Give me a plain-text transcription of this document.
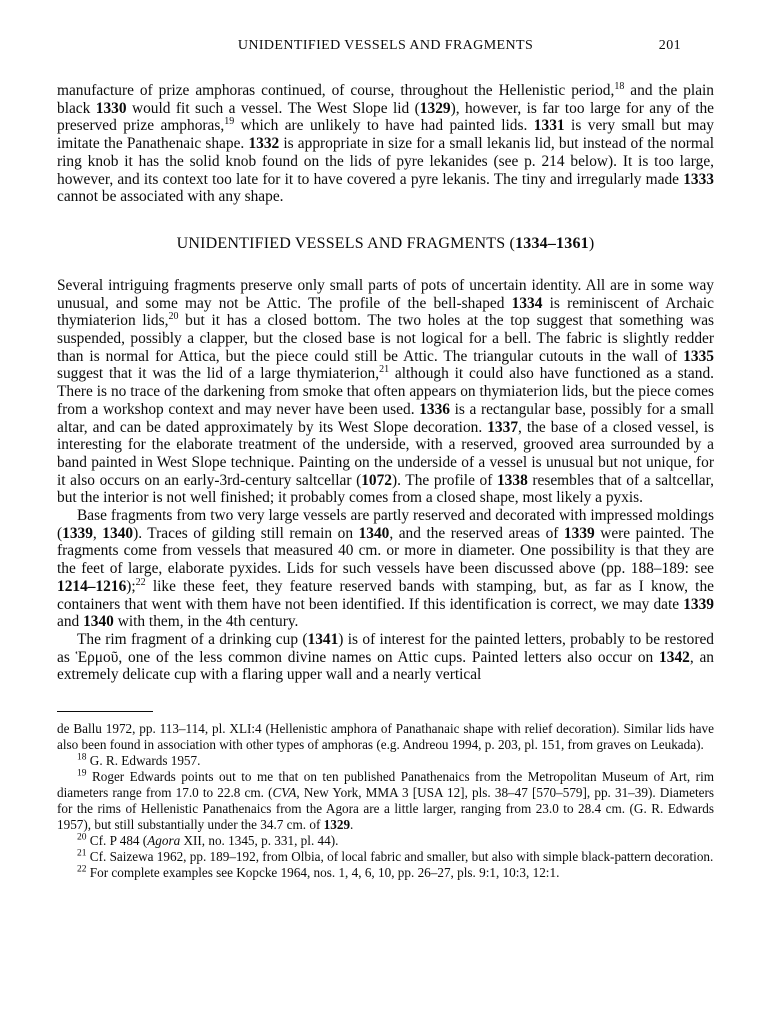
UNIDENTIFIED VESSELS AND FRAGMENTS	201

manufacture of prize amphoras continued, of course, throughout the Hellenistic period,$^{18}$ and the plain black 1330 would fit such a vessel. The West Slope lid (1329), however, is far too large for any of the preserved prize amphoras,$^{19}$ which are unlikely to have had painted lids. 1331 is very small but may imitate the Panathenaic shape. 1332 is appropriate in size for a small lekanis lid, but instead of the normal ring knob it has the solid knob found on the lids of pyre lekanides (see p. 214 below). It is too large, however, and its context too late for it to have covered a pyre lekanis. The tiny and irregularly made 1333 cannot be associated with any shape.

UNIDENTIFIED VESSELS AND FRAGMENTS (1334–1361)

Several intriguing fragments preserve only small parts of pots of uncertain identity. All are in some way unusual, and some may not be Attic. The profile of the bell-shaped 1334 is reminiscent of Archaic thymiaterion lids,$^{20}$ but it has a closed bottom. The two holes at the top suggest that something was suspended, possibly a clapper, but the closed base is not logical for a bell. The fabric is slightly redder than is normal for Attica, but the piece could still be Attic. The triangular cutouts in the wall of 1335 suggest that it was the lid of a large thymiaterion,$^{21}$ although it could also have functioned as a stand. There is no trace of the darkening from smoke that often appears on thymiaterion lids, but the piece comes from a workshop context and may never have been used. 1336 is a rectangular base, possibly for a small altar, and can be dated approximately by its West Slope decoration. 1337, the base of a closed vessel, is interesting for the elaborate treatment of the underside, with a reserved, grooved area surrounded by a band painted in West Slope technique. Painting on the underside of a vessel is unusual but not unique, for it also occurs on an early-3rd-century saltcellar (1072). The profile of 1338 resembles that of a saltcellar, but the interior is not well finished; it probably comes from a closed shape, most likely a pyxis.

Base fragments from two very large vessels are partly reserved and decorated with impressed moldings (1339, 1340). Traces of gilding still remain on 1340, and the reserved areas of 1339 were painted. The fragments come from vessels that measured 40 cm. or more in diameter. One possibility is that they are the feet of large, elaborate pyxides. Lids for such vessels have been discussed above (pp. 188–189: see 1214–1216);$^{22}$ like these feet, they feature reserved bands with stamping, but, as far as I know, the containers that went with them have not been identified. If this identification is correct, we may date 1339 and 1340 with them, in the 4th century.

The rim fragment of a drinking cup (1341) is of interest for the painted letters, probably to be restored as Ἑρμοῦ, one of the less common divine names on Attic cups. Painted letters also occur on 1342, an extremely delicate cup with a flaring upper wall and a nearly vertical

de Ballu 1972, pp. 113–114, pl. XLI:4 (Hellenistic amphora of Panathanaic shape with relief decoration). Similar lids have also been found in association with other types of amphoras (e.g. Andreou 1994, p. 203, pl. 151, from graves on Leukada).
$^{18}$ G. R. Edwards 1957.
$^{19}$ Roger Edwards points out to me that on ten published Panathenaics from the Metropolitan Museum of Art, rim diameters range from 17.0 to 22.8 cm. (CVA, New York, MMA 3 [USA 12], pls. 38–47 [570–579], pp. 31–39). Diameters for the rims of Hellenistic Panathenaics from the Agora are a little larger, ranging from 23.0 to 28.4 cm. (G. R. Edwards 1957), but still substantially under the 34.7 cm. of 1329.
$^{20}$ Cf. P 484 (Agora XII, no. 1345, p. 331, pl. 44).
$^{21}$ Cf. Saizewa 1962, pp. 189–192, from Olbia, of local fabric and smaller, but also with simple black-pattern decoration.
$^{22}$ For complete examples see Kopcke 1964, nos. 1, 4, 6, 10, pp. 26–27, pls. 9:1, 10:3, 12:1.
